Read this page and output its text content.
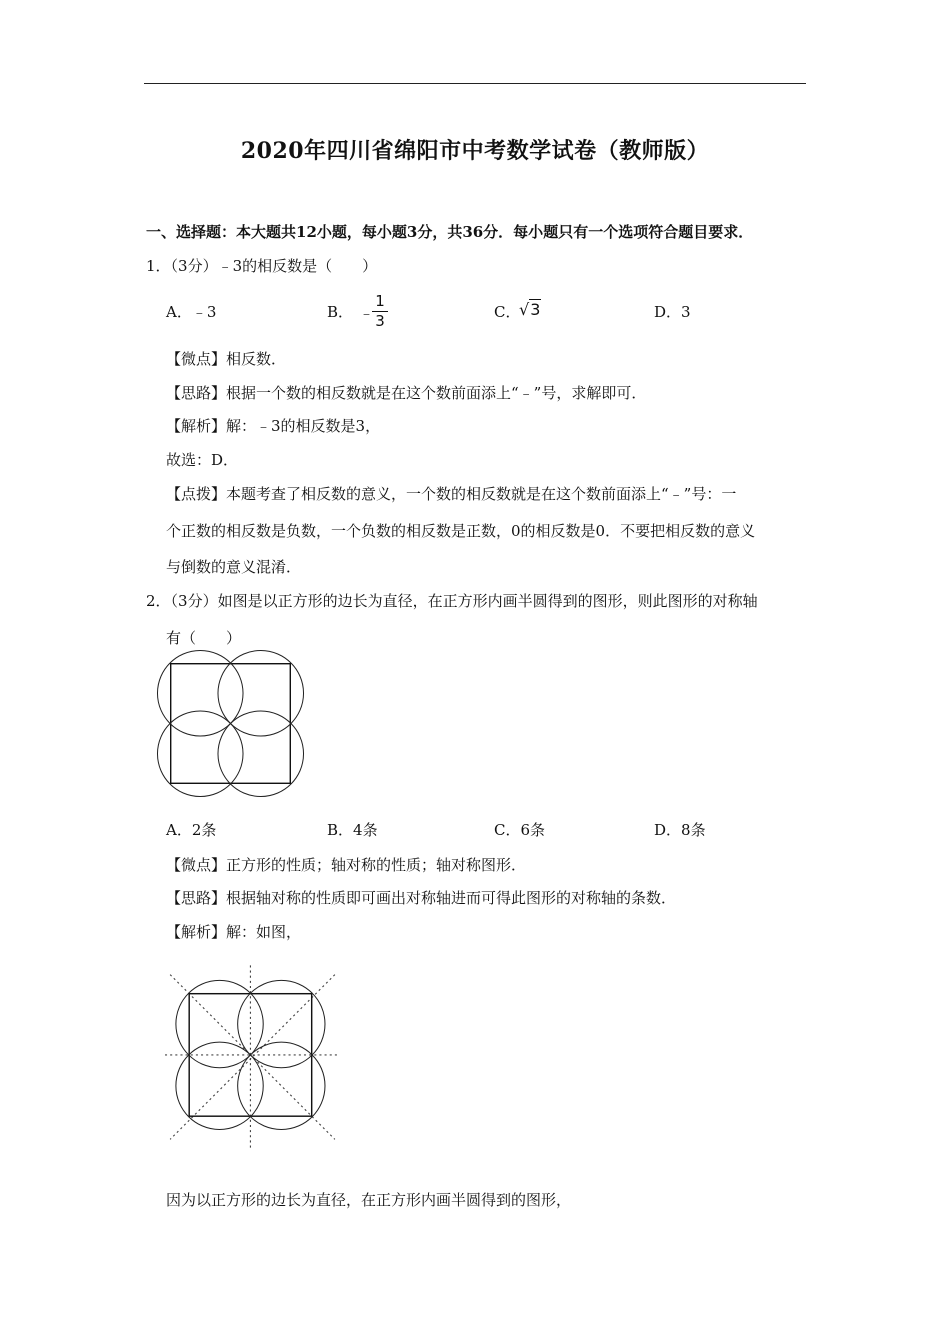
2020年四川省绵阳市中考数学试卷（教师版）
一、选择题：本大题共12小题，每小题3分，共36分．每小题只有一个选项符合题目要求．
1．（3分）﹣3的相反数是（　　）
A．﹣3	B． ﹣
$\frac{1}{3}$	C．
√3	D．3
【微点】相反数．
【思路】根据一个数的相反数就是在这个数前面添上“﹣”号，求解即可．
【解析】解：﹣3的相反数是3，
故选：D．
【点拨】本题考查了相反数的意义，一个数的相反数就是在这个数前面添上“﹣”号：一
个正数的相反数是负数，一个负数的相反数是正数，0的相反数是0．不要把相反数的意义
与倒数的意义混淆．
2．（3分）如图是以正方形的边长为直径，在正方形内画半圆得到的图形，则此图形的对称轴
有（　　）
A．2条	B．4条	C．6条	D．8条
【微点】正方形的性质；轴对称的性质；轴对称图形．
【思路】根据轴对称的性质即可画出对称轴进而可得此图形的对称轴的条数．
【解析】解：如图，
因为以正方形的边长为直径，在正方形内画半圆得到的图形，
